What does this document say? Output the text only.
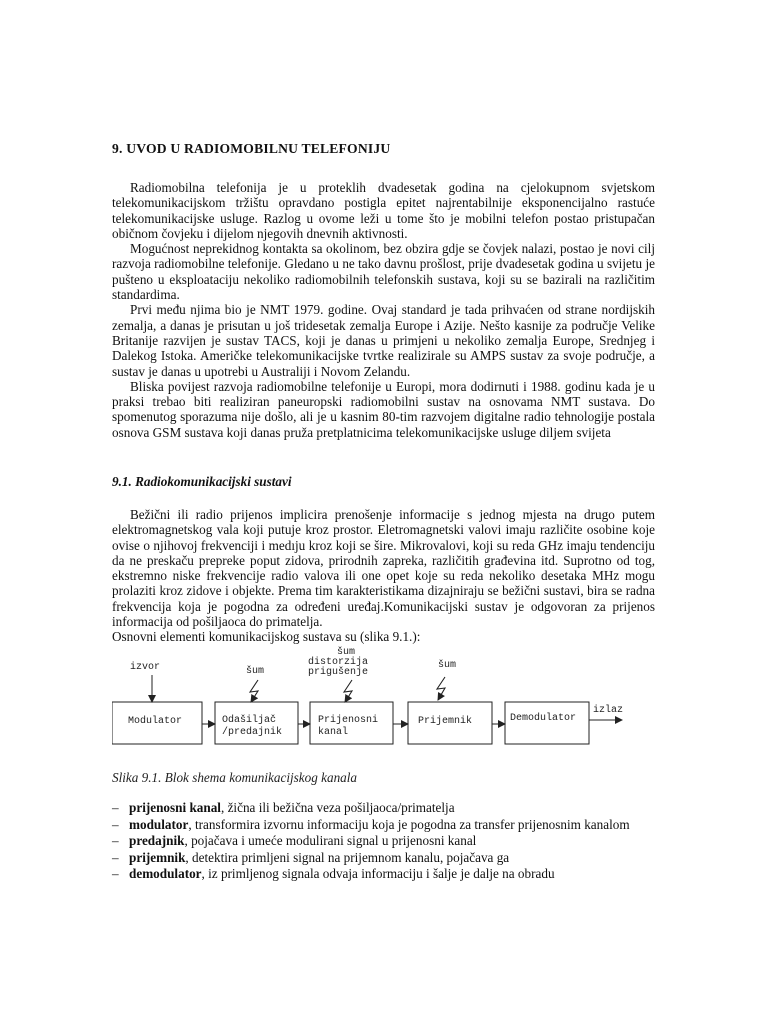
9. UVOD U RADIOMOBILNU TELEFONIJU

Radiomobilna telefonija je u proteklih dvadesetak godina na cjelokupnom svjetskom telekomunikacijskom tržištu opravdano postigla epitet najrentabilnije eksponencijalno rastuće telekomunikacijske usluge. Razlog u ovome leži u tome što je mobilni telefon postao pristupačan običnom čovjeku i dijelom njegovih dnevnih aktivnosti.

Mogućnost neprekidnog kontakta sa okolinom, bez obzira gdje se čovjek nalazi, postao je novi cilj razvoja radiomobilne telefonije. Gledano u ne tako davnu prošlost, prije dvadesetak godina u svijetu je pušteno u eksploataciju nekoliko radiomobilnih telefonskih sustava, koji su se bazirali na različitim standardima.

Prvi među njima bio je NMT 1979. godine. Ovaj standard je tada prihvaćen od strane nordijskih zemalja, a danas je prisutan u još tridesetak zemalja Europe i Azije. Nešto kasnije za područje Velike Britanije razvijen je sustav TACS, koji je danas u primjeni u nekoliko zemalja Europe, Srednjeg i Dalekog Istoka. Američke telekomunikacijske tvrtke realizirale su AMPS sustav za svoje područje, a sustav je danas u upotrebi u Australiji i Novom Zelandu.

Bliska povijest razvoja radiomobilne telefonije u Europi, mora dodirnuti i 1988. godinu kada je u praksi trebao biti realiziran paneuropski radiomobilni sustav na osnovama NMT sustava. Do spomenutog sporazuma nije došlo, ali je u kasnim 80-tim razvojem digitalne radio tehnologije postala osnova GSM sustava koji danas pruža pretplatnicima telekomunikacijske usluge diljem svijeta

9.1. Radiokomunikacijski sustavi

Bežični ili radio prijenos implicira prenošenje informacije s jednog mjesta na drugo putem elektromagnetskog vala koji putuje kroz prostor. Eletromagnetski valovi imaju različite osobine koje ovise o njihovoj frekvenciji i medıju kroz koji se šire. Mikrovalovi, koji su reda GHz imaju tendenciju da ne preskaču prepreke poput zidova, prirodnih zapreka, različitih građevina itd. Suprotno od tog, ekstremno niske frekvencije radio valova ili one opet koje su reda nekoliko desetaka MHz mogu prolaziti kroz zidove i objekte. Prema tim karakteristikama dizajniraju se bežični sustavi, bira se radna frekvencija koja je pogodna za određeni uređaj.Komunikacijski sustav je odgovoran za prijenos informacija od pošiljaoca do primatelja.

Osnovni elementi komunikacijskog sustava su (slika 9.1.):

izvor
Modulator	Odašiljač
/predajnik
Prijenosni
kanal
Prijemnik	Demodulator
izlaz
šum
šum
distorzija
prigušenje
šum
Slika 9.1. Blok shema komunikacijskog kanala
– prijenosni kanal, žična ili bežična veza pošiljaoca/primatelja
– modulator, transformira izvornu informaciju koja je pogodna za transfer prijenosnim kanalom
– predajnik, pojačava i umeće modulirani signal u prijenosni kanal
– prijemnik, detektira primljeni signal na prijemnom kanalu, pojačava ga
– demodulator, iz primljenog signala odvaja informaciju i šalje je dalje na obradu
